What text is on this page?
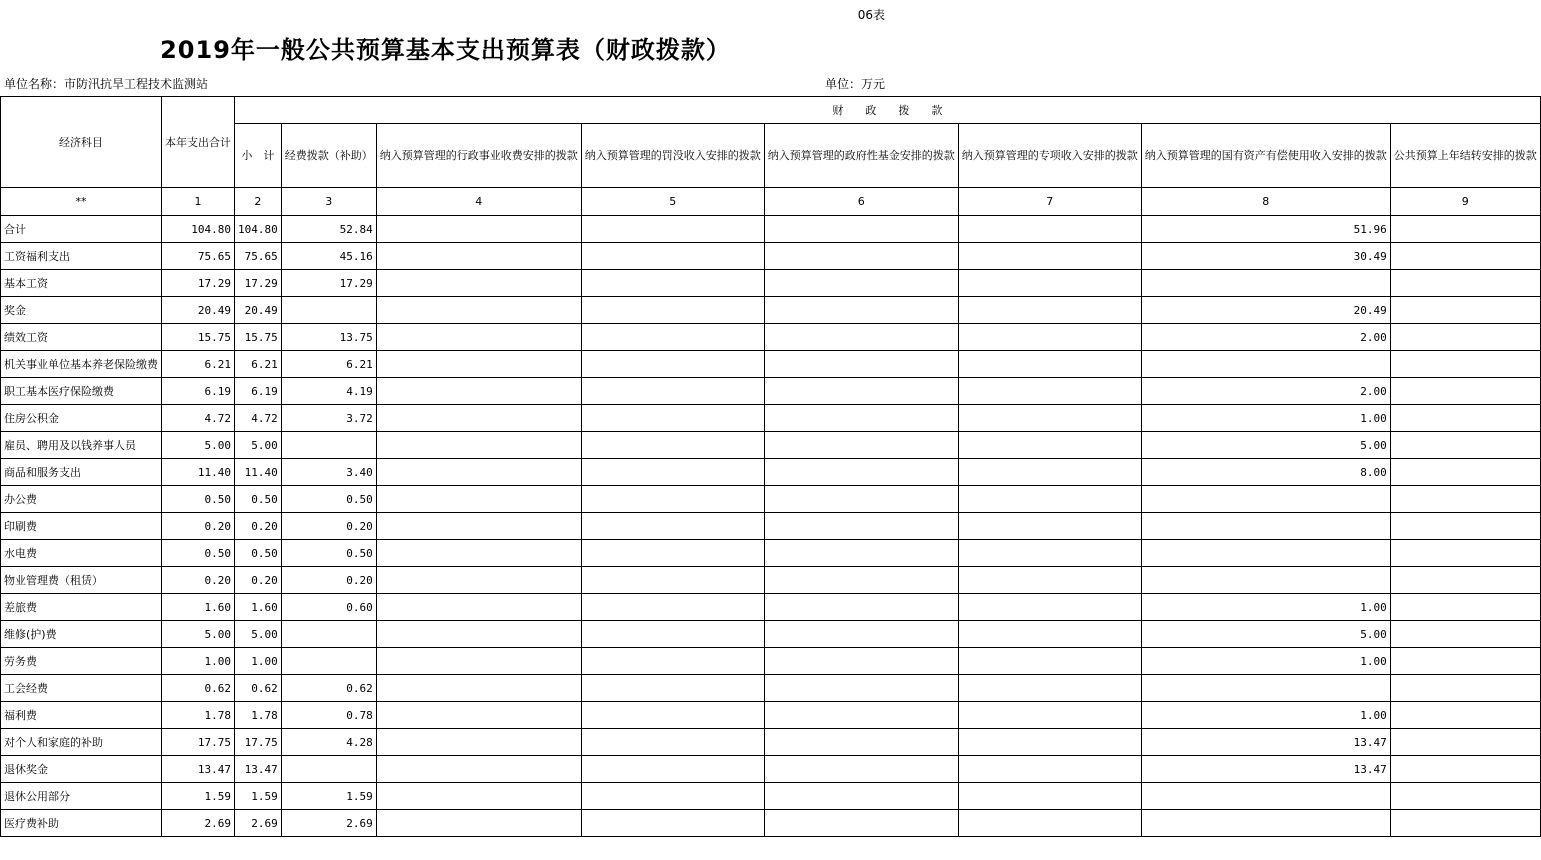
06表
2019年一般公共预算基本支出预算表（财政拨款）
单位名称：市防汛抗旱工程技术监测站	单位：万元
经济科目	本年支出合计	财　　政　　拨　　款							
		小　计	经费拨款（补助）	纳入预算管理的行政事业收费安排的拨款	纳入预算管理的罚没收入安排的拨款	纳入预算管理的政府性基金安排的拨款	纳入预算管理的专项收入安排的拨款	纳入预算管理的国有资产有偿使用收入安排的拨款	公共预算上年结转安排的拨款
**	1	2	3	4	5	6	7	8	9
合计	104.80	104.80	52.84					51.96	
工资福利支出	75.65	75.65	45.16					30.49	
基本工资	17.29	17.29	17.29						
奖金	20.49	20.49						20.49	
绩效工资	15.75	15.75	13.75					2.00	
机关事业单位基本养老保险缴费	6.21	6.21	6.21						
职工基本医疗保险缴费	6.19	6.19	4.19					2.00	
住房公积金	4.72	4.72	3.72					1.00	
雇员、聘用及以钱养事人员	5.00	5.00						5.00	
商品和服务支出	11.40	11.40	3.40					8.00	
办公费	0.50	0.50	0.50						
印刷费	0.20	0.20	0.20						
水电费	0.50	0.50	0.50						
物业管理费（租赁）	0.20	0.20	0.20						
差旅费	1.60	1.60	0.60					1.00	
维修(护)费	5.00	5.00						5.00	
劳务费	1.00	1.00						1.00	
工会经费	0.62	0.62	0.62						
福利费	1.78	1.78	0.78					1.00	
对个人和家庭的补助	17.75	17.75	4.28					13.47	
退休奖金	13.47	13.47						13.47	
退休公用部分	1.59	1.59	1.59						
医疗费补助	2.69	2.69	2.69						
